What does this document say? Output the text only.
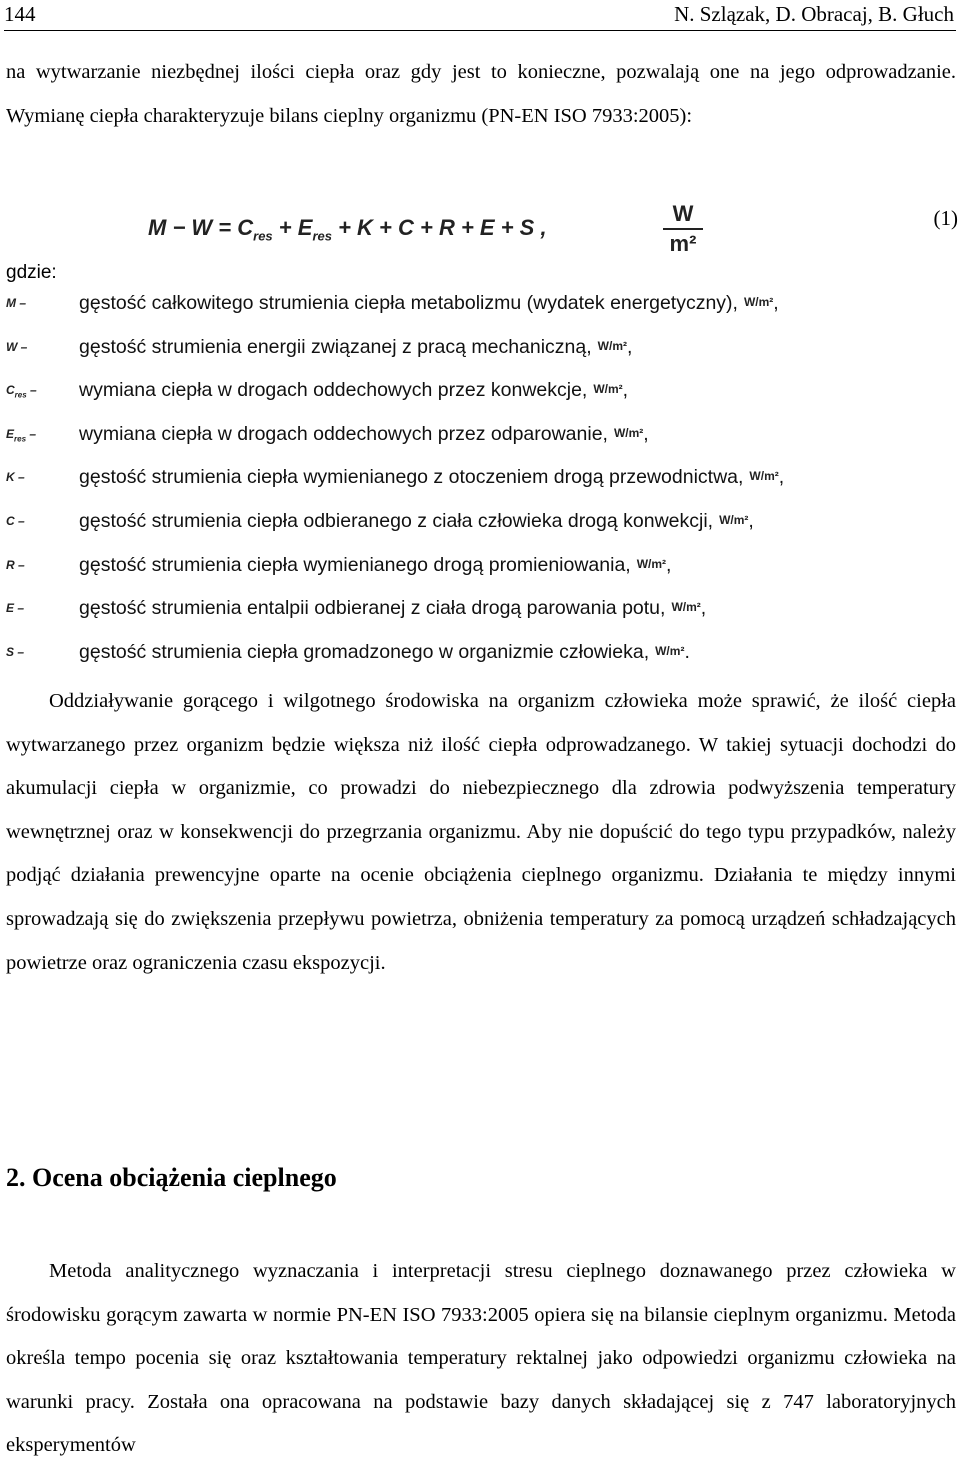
144	N. Szlązak, D. Obracaj, B. Głuch

na wytwarzanie niezbędnej ilości ciepła oraz gdy jest to konieczne, pozwalają one na jego odprowadzanie. Wymianę ciepła charakteryzuje bilans cieplny organizmu (PN-EN ISO 7933:2005):

$M - W = C_{res} + E_{res} + K + C + R + E + S$ ,
W
m²
(1)
gdzie:
M –	gęstość całkowitego strumienia ciepła metabolizmu (wydatek energetyczny), W/m²,
W –	gęstość strumienia energii związanej z pracą mechaniczną, W/m²,
$C_{res}$ – wymiana ciepła w drogach oddechowych przez konwekcje, W/m²,
$E_{res}$ – wymiana ciepła w drogach oddechowych przez odparowanie, W/m²,
K –	gęstość strumienia ciepła wymienianego z otoczeniem drogą przewodnictwa, W/m²,
C –	gęstość strumienia ciepła odbieranego z ciała człowieka drogą konwekcji, W/m²,
R –	gęstość strumienia ciepła wymienianego drogą promieniowania, W/m²,
E –	gęstość strumienia entalpii odbieranej z ciała drogą parowania potu, W/m²,
S –	gęstość strumienia ciepła gromadzonego w organizmie człowieka, W/m².

Oddziaływanie gorącego i wilgotnego środowiska na organizm człowieka może sprawić, że ilość ciepła wytwarzanego przez organizm będzie większa niż ilość ciepła odprowadzanego. W takiej sytuacji dochodzi do akumulacji ciepła w organizmie, co prowadzi do niebezpiecznego dla zdrowia podwyższenia temperatury wewnętrznej oraz w konsekwencji do przegrzania organizmu. Aby nie dopuścić do tego typu przypadków, należy podjąć działania prewencyjne oparte na ocenie obciążenia cieplnego organizmu. Działania te między innymi sprowadzają się do zwiększenia przepływu powietrza, obniżenia temperatury za pomocą urządzeń schładzających powietrze oraz ograniczenia czasu ekspozycji.

2. Ocena obciążenia cieplnego

Metoda analitycznego wyznaczania i interpretacji stresu cieplnego doznawanego przez człowieka w środowisku gorącym zawarta w normie PN-EN ISO 7933:2005 opiera się na bilansie cieplnym organizmu. Metoda określa tempo pocenia się oraz kształtowania temperatury rektalnej jako odpowiedzi organizmu człowieka na warunki pracy. Została ona opracowana na podstawie bazy danych składającej się z 747 laboratoryjnych eksperymentów
